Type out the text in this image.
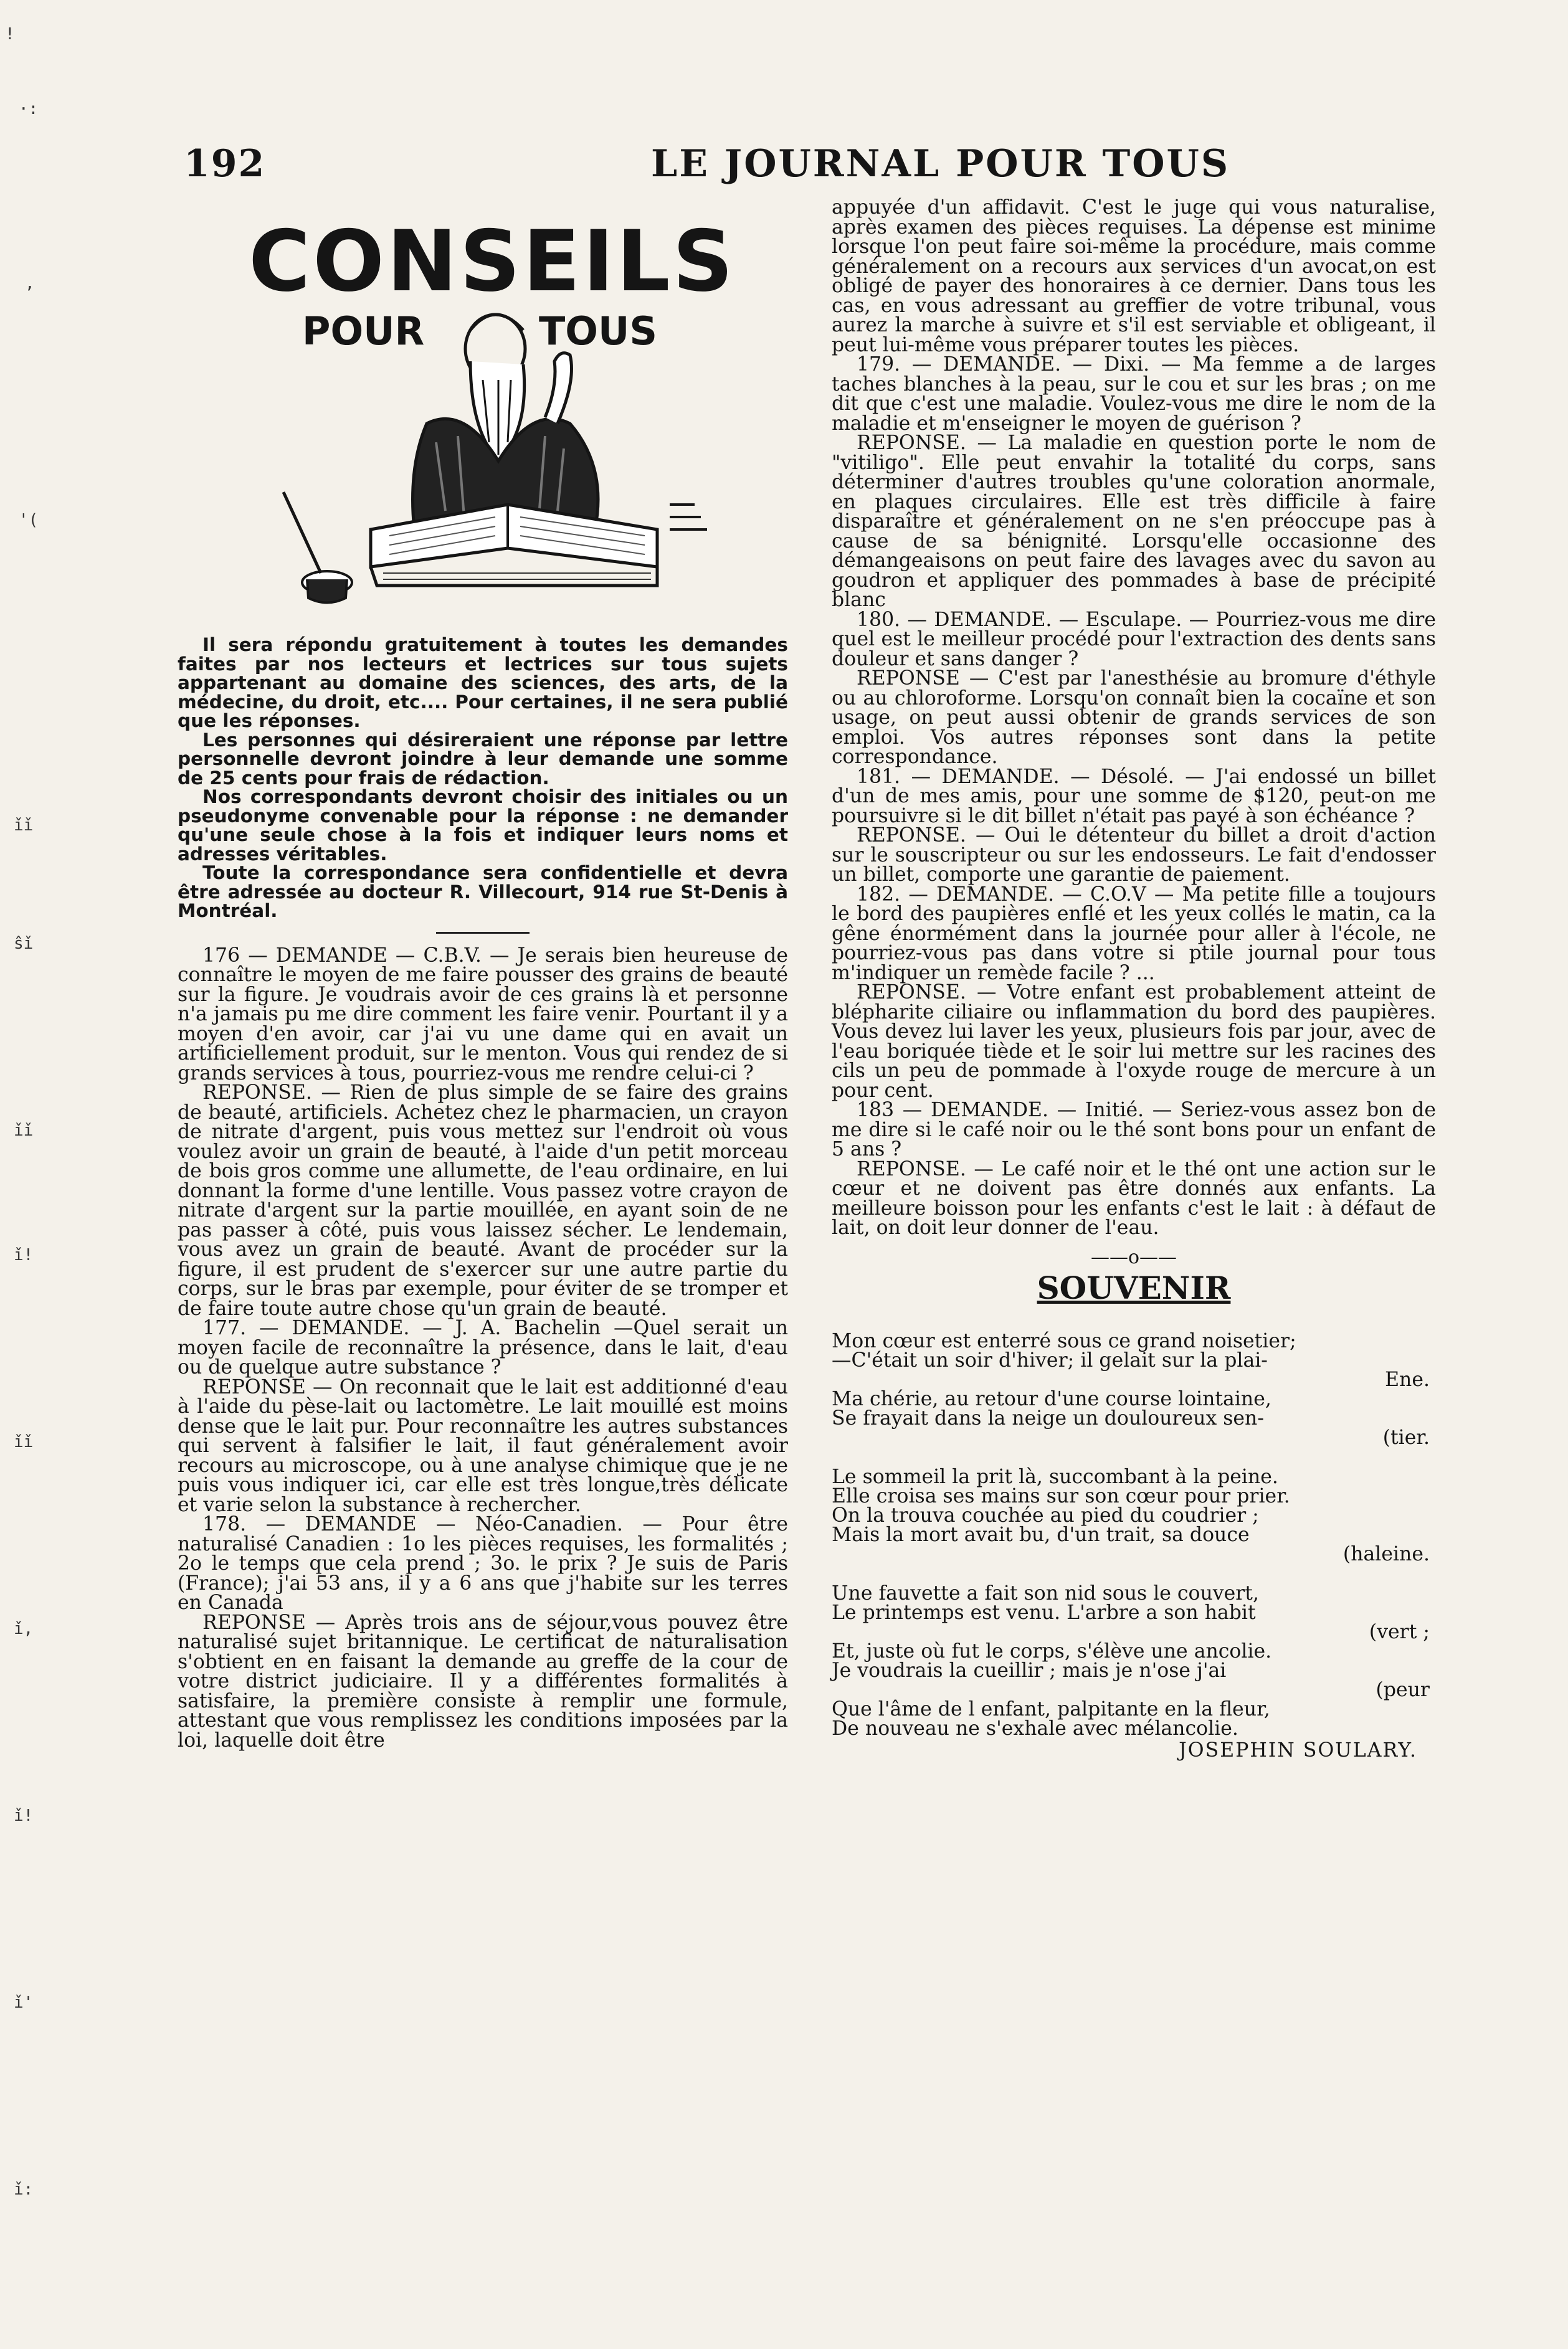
!
·:
,
'(
ǐǐ
ŝǐ
ǐǐ
ǐ!
ǐǐ
ǐ,
ǐ!
ǐ'
ǐ:
192	LE JOURNAL POUR TOUS
CONSEILS
POUR	TOUS

Il sera répondu gratuitement à toutes les demandes faites par nos lecteurs et lectrices sur tous sujets appartenant au domaine des sciences, des arts, de la médecine, du droit, etc.... Pour certaines, il ne sera publié que les réponses.

Les personnes qui désireraient une réponse par lettre personnelle devront joindre à leur demande une somme de 25 cents pour frais de rédaction.

Nos correspondants devront choisir des initiales ou un pseudonyme convenable pour la réponse : ne demander qu'une seule chose à la fois et indiquer leurs noms et adresses véritables.

Toute la correspondance sera confidentielle et devra être adressée au docteur R. Villecourt, 914 rue St-Denis à Montréal.

176 — DEMANDE — C.B.V. — Je serais bien heureuse de connaître le moyen de me faire pousser des grains de beauté sur la figure. Je voudrais avoir de ces grains là et personne n'a jamais pu me dire comment les faire venir. Pourtant il y a moyen d'en avoir, car j'ai vu une dame qui en avait un artificiellement produit, sur le menton. Vous qui rendez de si grands services à tous, pourriez-vous me rendre celui-ci ?

REPONSE. — Rien de plus simple de se faire des grains de beauté, artificiels. Achetez chez le pharmacien, un crayon de nitrate d'argent, puis vous mettez sur l'endroit où vous voulez avoir un grain de beauté, à l'aide d'un petit morceau de bois gros comme une allumette, de l'eau ordinaire, en lui donnant la forme d'une lentille. Vous passez votre crayon de nitrate d'argent sur la partie mouillée, en ayant soin de ne pas passer à côté, puis vous laissez sécher. Le lendemain, vous avez un grain de beauté. Avant de procéder sur la figure, il est prudent de s'exercer sur une autre partie du corps, sur le bras par exemple, pour éviter de se tromper et de faire toute autre chose qu'un grain de beauté.

177. — DEMANDE. — J. A. Bachelin —Quel serait un moyen facile de reconnaître la présence, dans le lait, d'eau ou de quelque autre substance ?

REPONSE — On reconnait que le lait est additionné d'eau à l'aide du pèse-lait ou lactomètre. Le lait mouillé est moins dense que le lait pur. Pour reconnaître les autres substances qui servent à falsifier le lait, il faut généralement avoir recours au microscope, ou à une analyse chimique que je ne puis vous indiquer ici, car elle est très longue,très délicate et varie selon la substance à rechercher.

178. — DEMANDE — Néo-Canadien. — Pour être naturalisé Canadien : 1o les pièces requises, les formalités ; 2o le temps que cela prend ; 3o. le prix ? Je suis de Paris (France); j'ai 53 ans, il y a 6 ans que j'habite sur les terres en Canada

REPONSE — Après trois ans de séjour,vous pouvez être naturalisé sujet britannique. Le certificat de naturalisation s'obtient en en faisant la demande au greffe de la cour de votre district judiciaire. Il y a différentes formalités à satisfaire, la première consiste à remplir une formule, attestant que vous remplissez les conditions imposées par la loi, laquelle doit être

appuyée d'un affidavit. C'est le juge qui vous naturalise, après examen des pièces requises. La dépense est minime lorsque l'on peut faire soi-même la procédure, mais comme généralement on a recours aux services d'un avocat,on est obligé de payer des honoraires à ce dernier. Dans tous les cas, en vous adressant au greffier de votre tribunal, vous aurez la marche à suivre et s'il est serviable et obligeant, il peut lui-même vous préparer toutes les pièces.

179. — DEMANDE. — Dixi. — Ma femme a de larges taches blanches à la peau, sur le cou et sur les bras ; on me dit que c'est une maladie. Voulez-vous me dire le nom de la maladie et m'enseigner le moyen de guérison ?

REPONSE. — La maladie en question porte le nom de "vitiligo". Elle peut envahir la totalité du corps, sans déterminer d'autres troubles qu'une coloration anormale, en plaques circulaires. Elle est très difficile à faire disparaître et généralement on ne s'en préoccupe pas à cause de sa bénignité. Lorsqu'elle occasionne des démangeaisons on peut faire des lavages avec du savon au goudron et appliquer des pommades à base de précipité blanc

180. — DEMANDE. — Esculape. — Pourriez-vous me dire quel est le meilleur procédé pour l'extraction des dents sans douleur et sans danger ?

REPONSE — C'est par l'anesthésie au bromure d'éthyle ou au chloroforme. Lorsqu'on connaît bien la cocaïne et son usage, on peut aussi obtenir de grands services de son emploi. Vos autres réponses sont dans la petite correspondance.

181. — DEMANDE. — Désolé. — J'ai endossé un billet d'un de mes amis, pour une somme de $120, peut-on me poursuivre si le dit billet n'était pas payé à son échéance ?

REPONSE. — Oui le détenteur du billet a droit d'action sur le souscripteur ou sur les endosseurs. Le fait d'endosser un billet, comporte une garantie de paiement.

182. — DEMANDE. — C.O.V — Ma petite fille a toujours le bord des paupières enflé et les yeux collés le matin, ca la gêne énormément dans la journée pour aller à l'école, ne pourriez-vous pas dans votre si ptile journal pour tous m'indiquer un remède facile ? ...

REPONSE. — Votre enfant est probablement atteint de blépharite ciliaire ou inflammation du bord des paupières. Vous devez lui laver les yeux, plusieurs fois par jour, avec de l'eau boriquée tiède et le soir lui mettre sur les racines des cils un peu de pommade à l'oxyde rouge de mercure à un pour cent.

183 — DEMANDE. — Initié. — Seriez-vous assez bon de me dire si le café noir ou le thé sont bons pour un enfant de 5 ans ?

REPONSE. — Le café noir et le thé ont une action sur le cœur et ne doivent pas être donnés aux enfants. La meilleure boisson pour les enfants c'est le lait : à défaut de lait, on doit leur donner de l'eau.

——o——
SOUVENIR

Mon cœur est enterré sous ce grand noisetier;

—C'était un soir d'hiver; il gelait sur la plai-

Ene.

Ma chérie, au retour d'une course lointaine,

Se frayait dans la neige un douloureux sen-

(tier.

Le sommeil la prit là, succombant à la peine.

Elle croisa ses mains sur son cœur pour prier.

On la trouva couchée au pied du coudrier ;

Mais la mort avait bu, d'un trait, sa douce

(haleine.

Une fauvette a fait son nid sous le couvert,

Le printemps est venu. L'arbre a son habit

(vert ;

Et, juste où fut le corps, s'élève une ancolie.

Je voudrais la cueillir ; mais je n'ose j'ai

(peur

Que l'âme de l enfant, palpitante en la fleur,

De nouveau ne s'exhale avec mélancolie.

JOSEPHIN SOULARY.
